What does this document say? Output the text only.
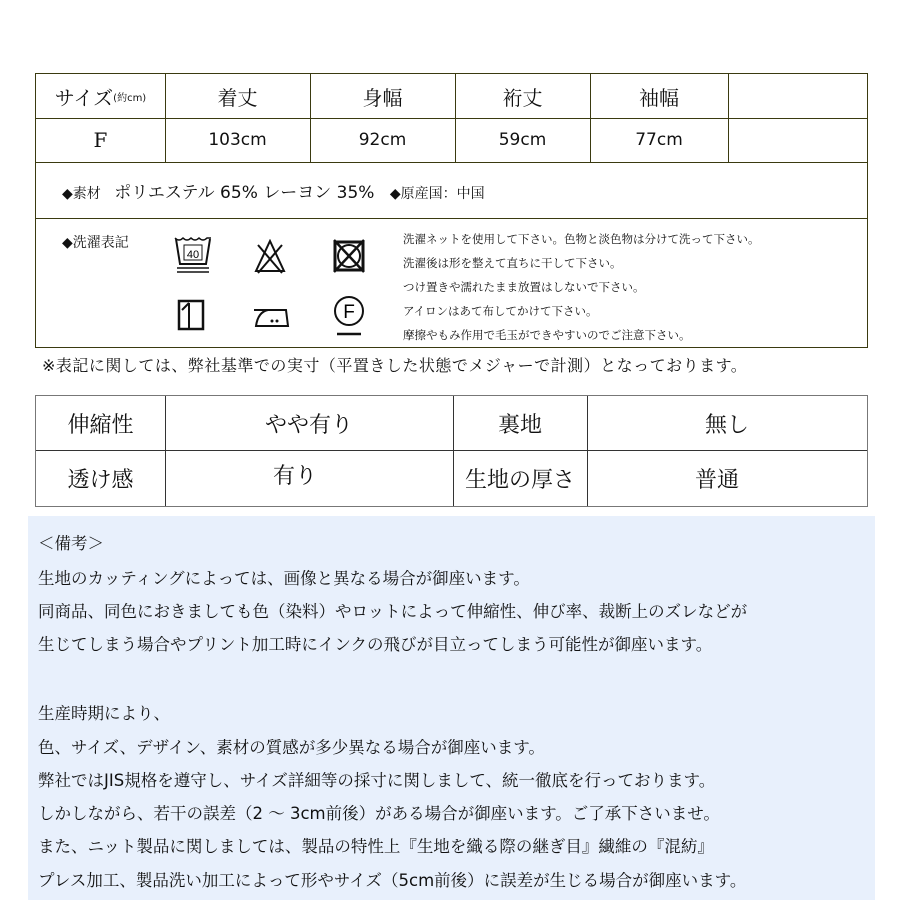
サイズ (約cm)	着丈	身幅	裄丈	袖幅
F	103cm	92cm	59cm	77cm
◆素材 ポリエステル 65% レーヨン 35% ◆原産国：中国
◆洗濯表記
40
F
洗濯ネットを使用して下さい。色物と淡色物は分けて洗って下さい。
洗濯後は形を整えて直ちに干して下さい。
つけ置きや濡れたまま放置はしないで下さい。
アイロンはあて布してかけて下さい。
摩擦やもみ作用で毛玉ができやすいのでご注意下さい。
※表記に関しては、弊社基準での実寸（平置きした状態でメジャーで計測）となっております。
伸縮性	やや有り	裏地	無し
透け感	有り	生地の厚さ	普通
＜備考＞
生地のカッティングによっては、画像と異なる場合が御座います。
同商品、同色におきましても色（染料）やロットによって伸縮性、伸び率、裁断上のズレなどが
生じてしまう場合やプリント加工時にインクの飛びが目立ってしまう可能性が御座います。
生産時期により、
色、サイズ、デザイン、素材の質感が多少異なる場合が御座います。
弊社ではJIS規格を遵守し、サイズ詳細等の採寸に関しまして、統一徹底を行っております。
しかしながら、若干の誤差（2 ～ 3cm前後）がある場合が御座います。ご了承下さいませ。
また、ニット製品に関しましては、製品の特性上『生地を織る際の継ぎ目』繊維の『混紡』
プレス加工、製品洗い加工によって形やサイズ（5cm前後）に誤差が生じる場合が御座います。
